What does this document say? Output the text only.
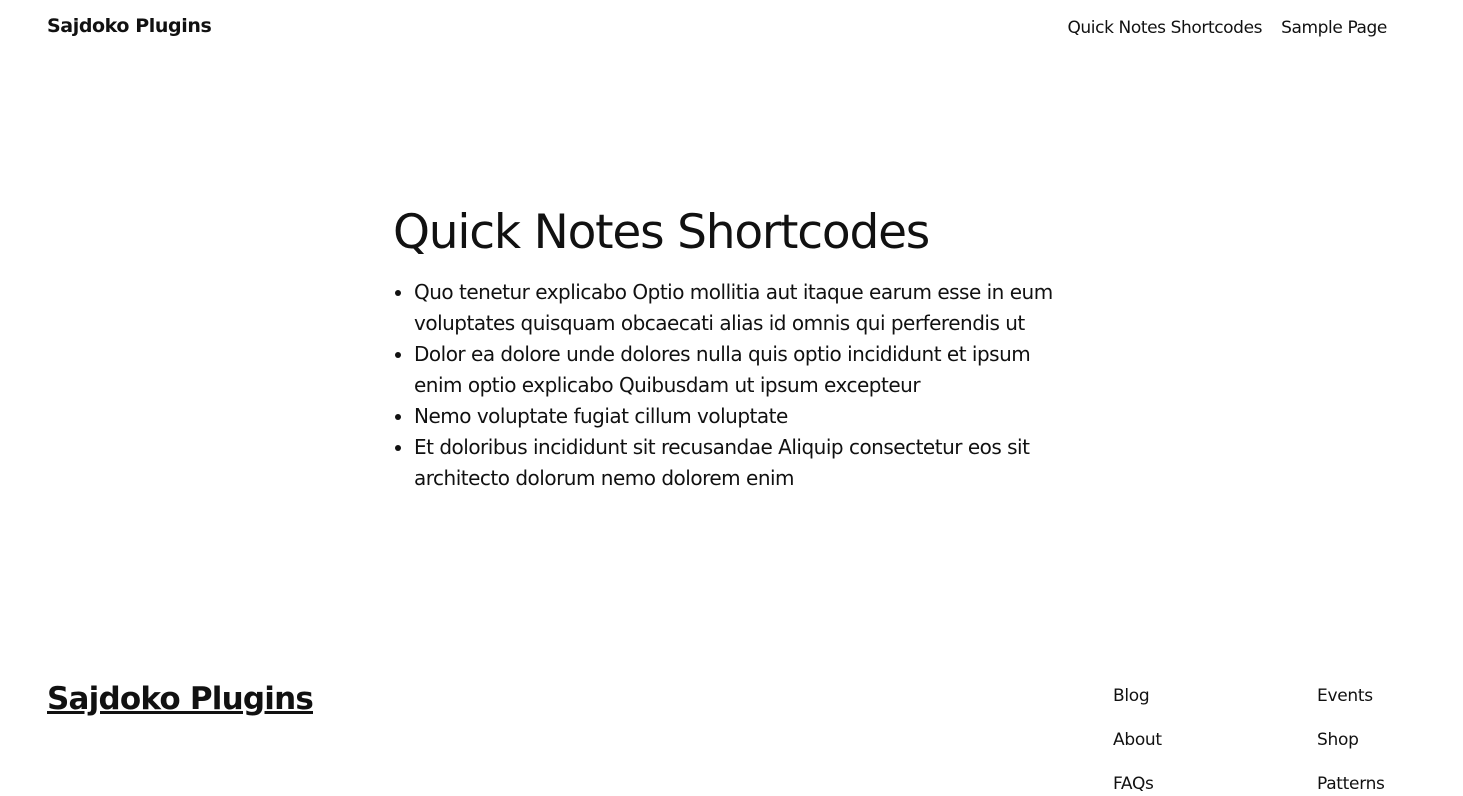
Sajdoko Plugins	Quick Notes Shortcodes Sample Page
Quick Notes Shortcodes
• Quo tenetur explicabo Optio mollitia aut itaque earum esse in eum voluptates quisquam obcaecati alias id omnis qui perferendis ut
• Dolor ea dolore unde dolores nulla quis optio incididunt et ipsum enim optio explicabo Quibusdam ut ipsum excepteur
• Nemo voluptate fugiat cillum voluptate
• Et doloribus incididunt sit recusandae Aliquip consectetur eos sit architecto dolorum nemo dolorem enim
Sajdoko Plugins	Blog
About
FAQs
Events
Shop
Patterns
